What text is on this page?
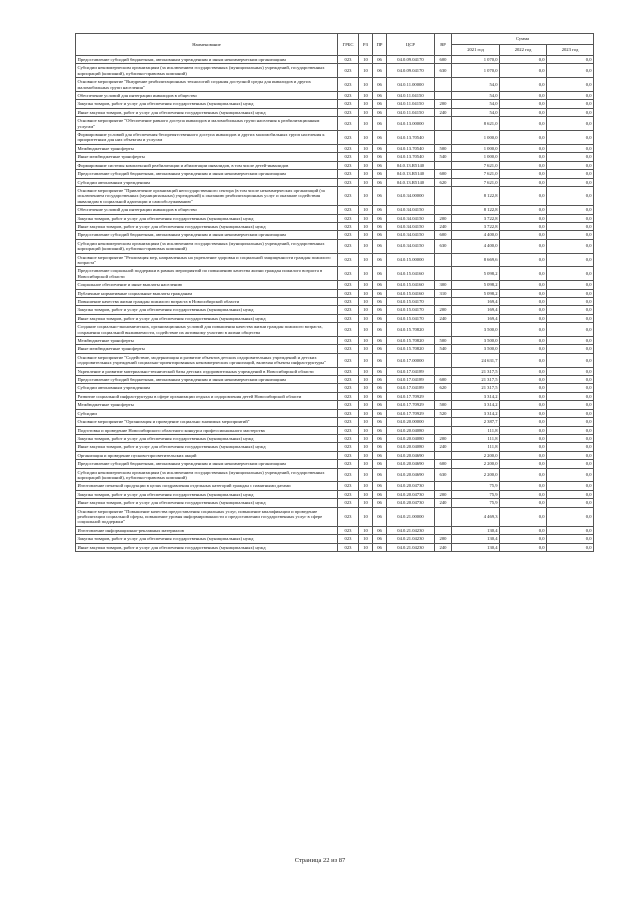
Наименование	ГРБС	РЗ	ПР	ЦСР	ВР	Сумма		
						2021 год	2022 год	2023 год
Предоставление субсидий бюджетным, автономным учреждениям и иным некоммерческим организациям	023	10	06	04.0.09.04170	600	1 070,0	0,0	0,0
Субсидии некоммерческим организациям (за исключением государственных (муниципальных) учреждений, государственных корпораций (компаний), публично-правовых компаний)	023	10	06	04.0.09.04170	630	1 070,0	0,0	0,0
Основное мероприятие "Внедрение реабилитационных технологий создания доступной среды для инвалидов и других маломобильных групп населения"	023	10	06	04.0.11.00000		54,0	0,0	0,0
Обеспечение условий для интеграции инвалидов в общество	023	10	06	04.0.11.04150		54,0	0,0	0,0
Закупка товаров, работ и услуг для обеспечения государственных (муниципальных) нужд	023	10	06	04.0.11.04150	200	54,0	0,0	0,0
Иные закупки товаров, работ и услуг для обеспечения государственных (муниципальных) нужд	023	10	06	04.0.11.04150	240	54,0	0,0	0,0
Основное мероприятие "Обеспечение равного доступа инвалидов и маломобильных групп населения к реабилитационным услугам"	023	10	06	04.0.13.00000		8 621,0	0,0	0,0
Формирование условий для обеспечения беспрепятственного доступа инвалидов и других маломобильных групп населения к приоритетным для них объектам и услугам	023	10	06	04.0.13.70540		1 000,0	0,0	0,0
Межбюджетные трансферты	023	10	06	04.0.13.70540	500	1 000,0	0,0	0,0
Иные межбюджетные трансферты	023	10	06	04.0.13.70540	540	1 000,0	0,0	0,0
Формирование системы комплексной реабилитации и абилитации инвалидов, в том числе детей-инвалидов	023	10	06	04.0.13.R5140		7 621,0	0,0	0,0
Предоставление субсидий бюджетным, автономным учреждениям и иным некоммерческим организациям	023	10	06	04.0.13.R5140	600	7 621,0	0,0	0,0
Субсидии автономным учреждениям	023	10	06	04.0.13.R5140	620	7 621,0	0,0	0,0
Основное мероприятие "Привлечение организаций негосударственного сектора (в том числе некоммерческих организаций (за исключением государственных (муниципальных) учреждений) к оказанию реабилитационных услуг и оказание содействия инвалидам в социальной адаптации и самообслуживанию"	023	10	06	04.0.34.00000		8 122,8	0,0	0,0
Обеспечение условий для интеграции инвалидов в общество	023	10	06	04.0.34.04150		8 122,8	0,0	0,0
Закупка товаров, работ и услуг для обеспечения государственных (муниципальных) нужд	023	10	06	04.0.34.04150	200	3 722,8	0,0	0,0
Иные закупки товаров, работ и услуг для обеспечения государственных (муниципальных) нужд	023	10	06	04.0.34.04150	240	3 722,8	0,0	0,0
Предоставление субсидий бюджетным, автономным учреждениям и иным некоммерческим организациям	023	10	06	04.0.34.04150	600	4 400,0	0,0	0,0
Субсидии некоммерческим организациям (за исключением государственных (муниципальных) учреждений, государственных корпораций (компаний), публично-правовых компаний)	023	10	06	04.0.34.04150	630	4 400,0	0,0	0,0
Основное мероприятие "Реализация мер, направленных на укрепление здоровья и социальной защищенности граждан пожилого возраста"	023	10	06	04.0.15.00000		8 669,6	0,0	0,0
Предоставление социальной поддержки в рамках мероприятий по повышению качества жизни граждан пожилого возраста в Новосибирской области	023	10	06	04.0.15.04160		5 098,2	0,0	0,0
Социальное обеспечение и иные выплаты населению	023	10	06	04.0.15.04160	300	5 098,2	0,0	0,0
Публичные нормативные социальные выплаты гражданам	023	10	06	04.0.15.04160	310	5 098,2	0,0	0,0
Повышение качества жизни граждан пожилого возраста в Новосибирской области	023	10	06	04.0.15.04170		169,4	0,0	0,0
Закупка товаров, работ и услуг для обеспечения государственных (муниципальных) нужд	023	10	06	04.0.15.04170	200	169,4	0,0	0,0
Иные закупки товаров, работ и услуг для обеспечения государственных (муниципальных) нужд	023	10	06	04.0.15.04170	240	169,4	0,0	0,0
Создание социально-экономических, организационных условий для повышения качества жизни граждан пожилого возраста, сохранения социальной выживаемости, содействие их активному участию в жизни общества	023	10	06	04.0.15.70820		3 500,0	0,0	0,0
Межбюджетные трансферты	023	10	06	04.0.15.70820	500	3 500,0	0,0	0,0
Иные межбюджетные трансферты	023	10	06	04.0.15.70820	540	3 500,0	0,0	0,0
Основное мероприятие "Содействие, модернизация и развитие объектов детских оздоровительных учреждений и детских оздоровительных учреждений социально-ориентированных некоммерческих организаций, включая объекты инфраструктуры"	023	10	06	04.0.17.00000		24 631,7	0,0	0,0
Укрепление и развитие материально-технической базы детских оздоровительных учреждений в Новосибирской области	023	10	06	04.0.17.04189		21 317,5	0,0	0,0
Предоставление субсидий бюджетным, автономным учреждениям и иным некоммерческим организациям	023	10	06	04.0.17.04189	600	21 317,5	0,0	0,0
Субсидии автономным учреждениям	023	10	06	04.0.17.04189	620	21 317,5	0,0	0,0
Развитие социальной инфраструктуры в сфере организации отдыха и оздоровления детей Новосибирской области	023	10	06	04.0.17.70929		3 314,2	0,0	0,0
Межбюджетные трансферты	023	10	06	04.0.17.70929	500	3 314,2	0,0	0,0
Субсидии	023	10	06	04.0.17.70929	520	3 314,2	0,0	0,0
Основное мероприятие "Организация и проведение социально значимых мероприятий"	023	10	06	04.0.20.00000		2 387,7	0,0	0,0
Подготовка и проведение Новосибирского областного конкурса профессионального мастерства	023	10	06	04.0.20.04080		111,8	0,0	0,0
Закупка товаров, работ и услуг для обеспечения государственных (муниципальных) нужд	023	10	06	04.0.20.04080	200	111,8	0,0	0,0
Иные закупки товаров, работ и услуг для обеспечения государственных (муниципальных) нужд	023	10	06	04.0.20.04080	240	111,8	0,0	0,0
Организация и проведение пусково-просветительских акций	023	10	06	04.0.20.04690		2 200,0	0,0	0,0
Предоставление субсидий бюджетным, автономным учреждениям и иным некоммерческим организациям	023	10	06	04.0.20.04690	600	2 200,0	0,0	0,0
Субсидии некоммерческим организациям (за исключением государственных (муниципальных) учреждений, государственных корпораций (компаний), публично-правовых компаний)	023	10	06	04.0.20.04690	630	2 200,0	0,0	0,0
Изготовление печатной продукции в целях поздравления отдельных категорий граждан с памятными датами	023	10	06	04.0.20.04730		75,9	0,0	0,0
Закупка товаров, работ и услуг для обеспечения государственных (муниципальных) нужд	023	10	06	04.0.20.04730	200	75,9	0,0	0,0
Иные закупки товаров, работ и услуг для обеспечения государственных (муниципальных) нужд	023	10	06	04.0.20.04730	240	75,9	0,0	0,0
Основное мероприятие "Повышение качества предоставления социальных услуг, повышение квалификации и проведение реабилитации социальной сферы, повышение уровня информированности о предоставлении государственных услуг в сфере социальной поддержки"	023	10	06	04.0.21.00000		4 469,3	0,0	0,0
Изготовление информационно-рекламных материалов	023	10	06	04.0.21.04230		130,4	0,0	0,0
Закупка товаров, работ и услуг для обеспечения государственных (муниципальных) нужд	023	10	06	04.0.21.04230	200	130,4	0,0	0,0
Иные закупки товаров, работ и услуг для обеспечения государственных (муниципальных) нужд	023	10	06	04.0.21.04230	240	130,4	0,0	0,0
Страница 22 из 87
